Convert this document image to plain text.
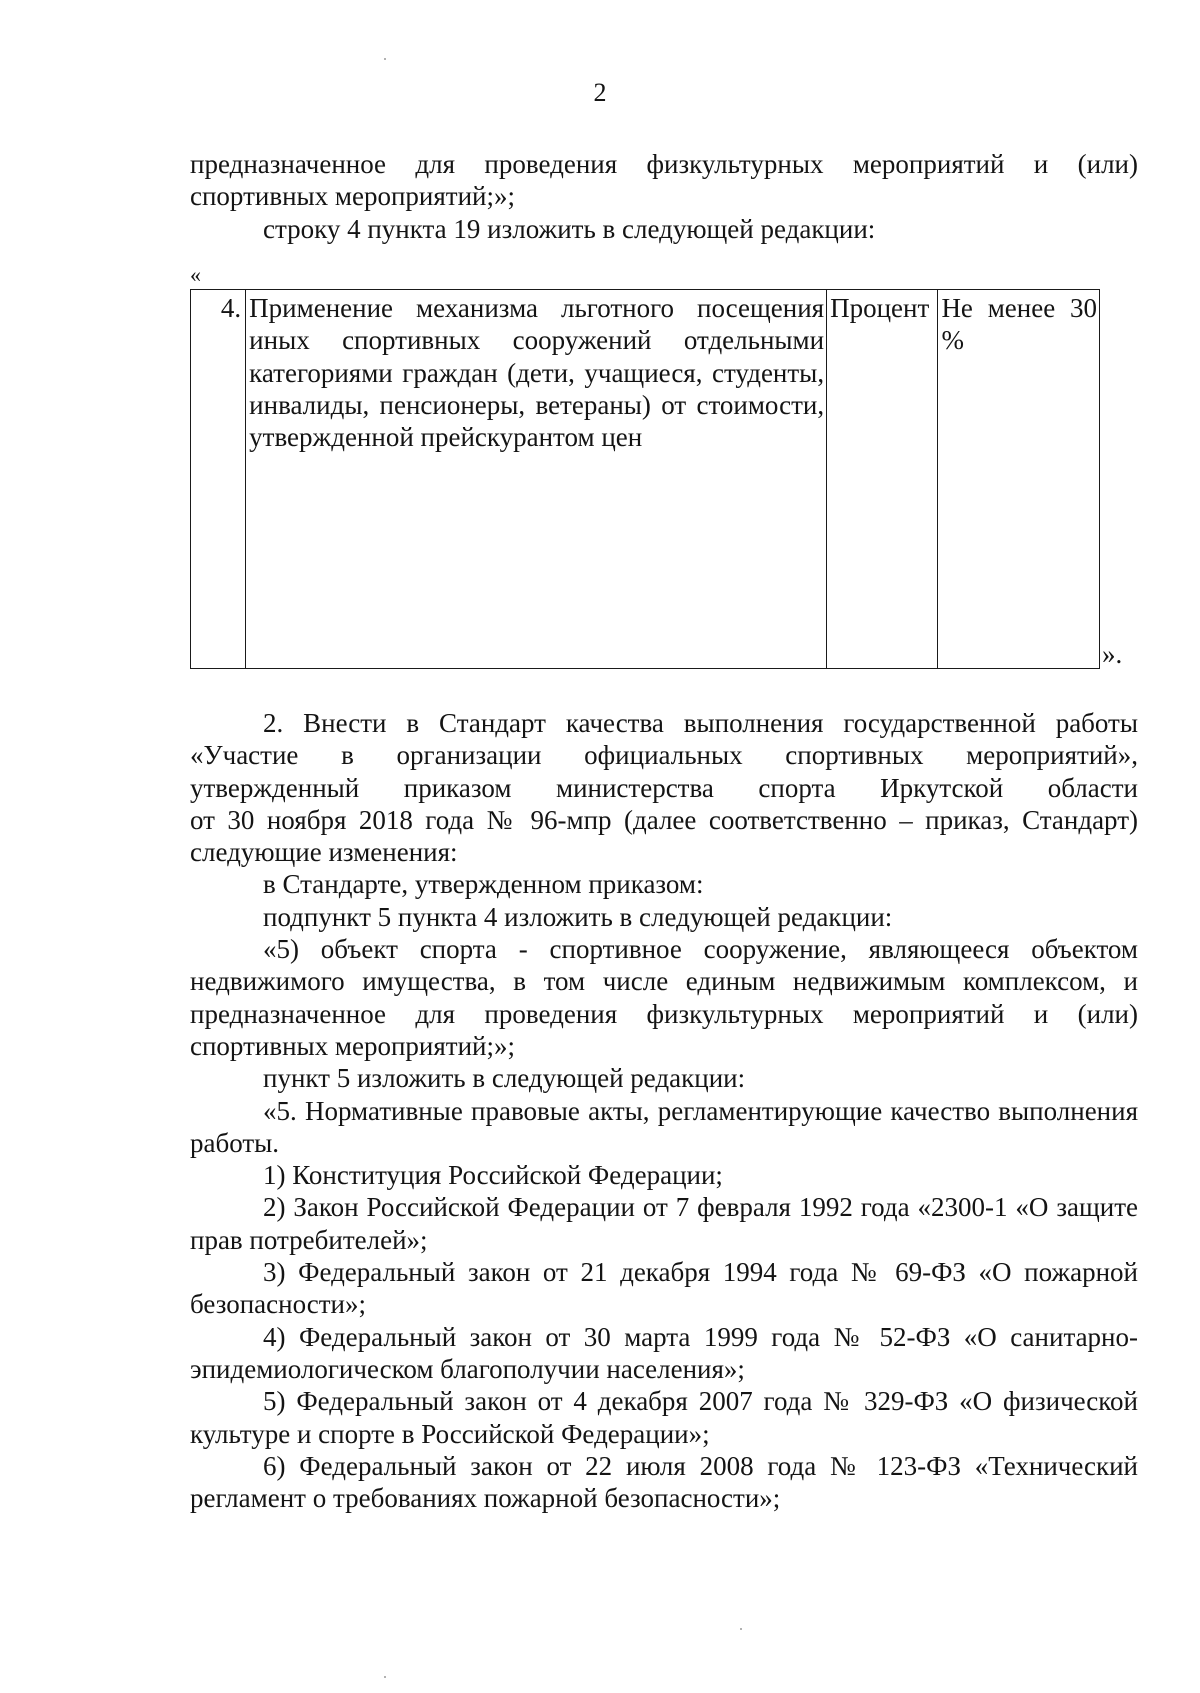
2

предназначенное для проведения физкультурных мероприятий и (или)

спортивных мероприятий;»;

строку 4 пункта 19 изложить в следующей редакции:

«
4.	Применение механизма льготного посещения иных спортивных сооружений отдельными категориями граждан (дети, учащиеся, студенты, инвалиды, пенсионеры, ветераны) от стоимости, утвержденной прейскурантом цен	Процент	Не менее 30 %
».

2. Внести в Стандарт качества выполнения государственной работы

«Участие в организации официальных спортивных мероприятий»,

утвержденный приказом министерства спорта Иркутской области

от 30 ноября 2018 года № 96-мпр (далее соответственно – приказ, Стандарт)

следующие изменения:

в Стандарте, утвержденном приказом:

подпункт 5 пункта 4 изложить в следующей редакции:

«5) объект спорта - спортивное сооружение, являющееся объектом недвижимого имущества, в том числе единым недвижимым комплексом, и предназначенное для проведения физкультурных мероприятий и (или) спортивных мероприятий;»;

пункт 5 изложить в следующей редакции:

«5. Нормативные правовые акты, регламентирующие качество выполнения работы.

1) Конституция Российской Федерации;

2) Закон Российской Федерации от 7 февраля 1992 года «2300-1 «О защите прав потребителей»;

3) Федеральный закон от 21 декабря 1994 года № 69-ФЗ «О пожарной безопасности»;

4) Федеральный закон от 30 марта 1999 года № 52-ФЗ «О санитарно-эпидемиологическом благополучии населения»;

5) Федеральный закон от 4 декабря 2007 года № 329-ФЗ «О физической культуре и спорте в Российской Федерации»;

6) Федеральный закон от 22 июля 2008 года № 123-ФЗ «Технический регламент о требованиях пожарной безопасности»;
